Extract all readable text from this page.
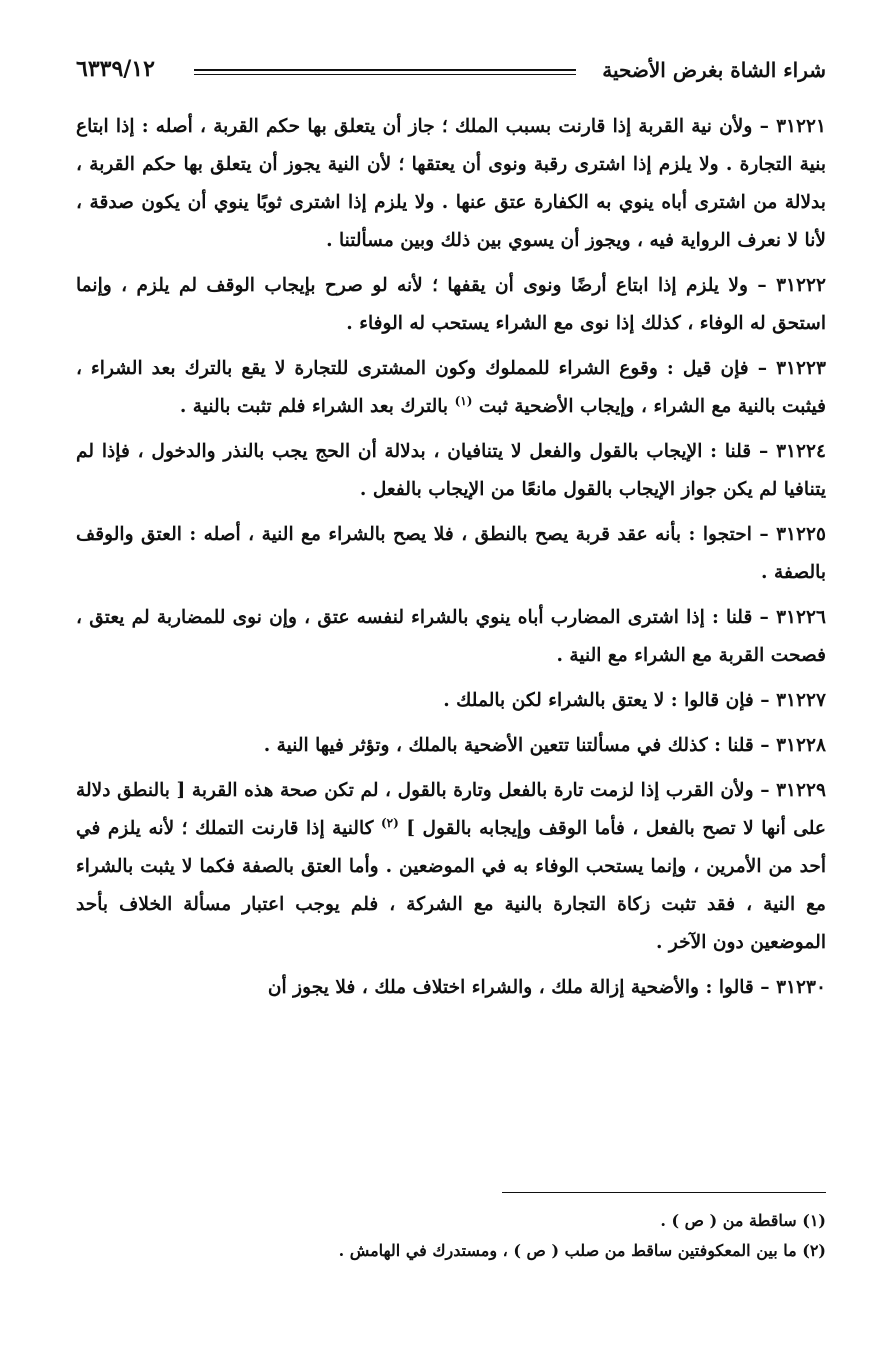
شراء الشاة بغرض الأضحية
٦٣٣٩/١٢

٣١٢٢١ – ولأن نية القربة إذا قارنت بسبب الملك ؛ جاز أن يتعلق بها حكم القربة ، أصله : إذا ابتاع بنية التجارة . ولا يلزم إذا اشترى رقبة ونوى أن يعتقها ؛ لأن النية يجوز أن يتعلق بها حكم القربة ، بدلالة من اشترى أباه ينوي به الكفارة عتق عنها . ولا يلزم إذا اشترى ثوبًا ينوي أن يكون صدقة ، لأنا لا نعرف الرواية فيه ، ويجوز أن يسوي بين ذلك وبين مسألتنا .

٣١٢٢٢ – ولا يلزم إذا ابتاع أرضًا ونوى أن يقفها ؛ لأنه لو صرح بإيجاب الوقف لم يلزم ، وإنما استحق له الوفاء ، كذلك إذا نوى مع الشراء يستحب له الوفاء .

٣١٢٢٣ – فإن قيل : وقوع الشراء للمملوك وكون المشترى للتجارة لا يقع بالترك بعد الشراء ، فيثبت بالنية مع الشراء ، وإيجاب الأضحية ثبت $^{(١)}$ بالترك بعد الشراء فلم تثبت بالنية .

٣١٢٢٤ – قلنا : الإيجاب بالقول والفعل لا يتنافيان ، بدلالة أن الحج يجب بالنذر والدخول ، فإذا لم يتنافيا لم يكن جواز الإيجاب بالقول مانعًا من الإيجاب بالفعل .

٣١٢٢٥ – احتجوا : بأنه عقد قربة يصح بالنطق ، فلا يصح بالشراء مع النية ، أصله : العتق والوقف بالصفة .

٣١٢٢٦ – قلنا : إذا اشترى المضارب أباه ينوي بالشراء لنفسه عتق ، وإن نوى للمضاربة لم يعتق ، فصحت القربة مع الشراء مع النية .

٣١٢٢٧ – فإن قالوا : لا يعتق بالشراء لكن بالملك .

٣١٢٢٨ – قلنا : كذلك في مسألتنا تتعين الأضحية بالملك ، وتؤثر فيها النية .

٣١٢٢٩ – ولأن القرب إذا لزمت تارة بالفعل وتارة بالقول ، لم تكن صحة هذه القربة [ بالنطق دلالة على أنها لا تصح بالفعل ، فأما الوقف وإيجابه بالقول ] $^{(٢)}$ كالنية إذا قارنت التملك ؛ لأنه يلزم في أحد من الأمرين ، وإنما يستحب الوفاء به في الموضعين . وأما العتق بالصفة فكما لا يثبت بالشراء مع النية ، فقد تثبت زكاة التجارة بالنية مع الشركة ، فلم يوجب اعتبار مسألة الخلاف بأحد الموضعين دون الآخر .

٣١٢٣٠ – قالوا : والأضحية إزالة ملك ، والشراء اختلاف ملك ، فلا يجوز أن

(١) ساقطة من ( ص ) .

(٢) ما بين المعكوفتين ساقط من صلب ( ص ) ، ومستدرك في الهامش .
